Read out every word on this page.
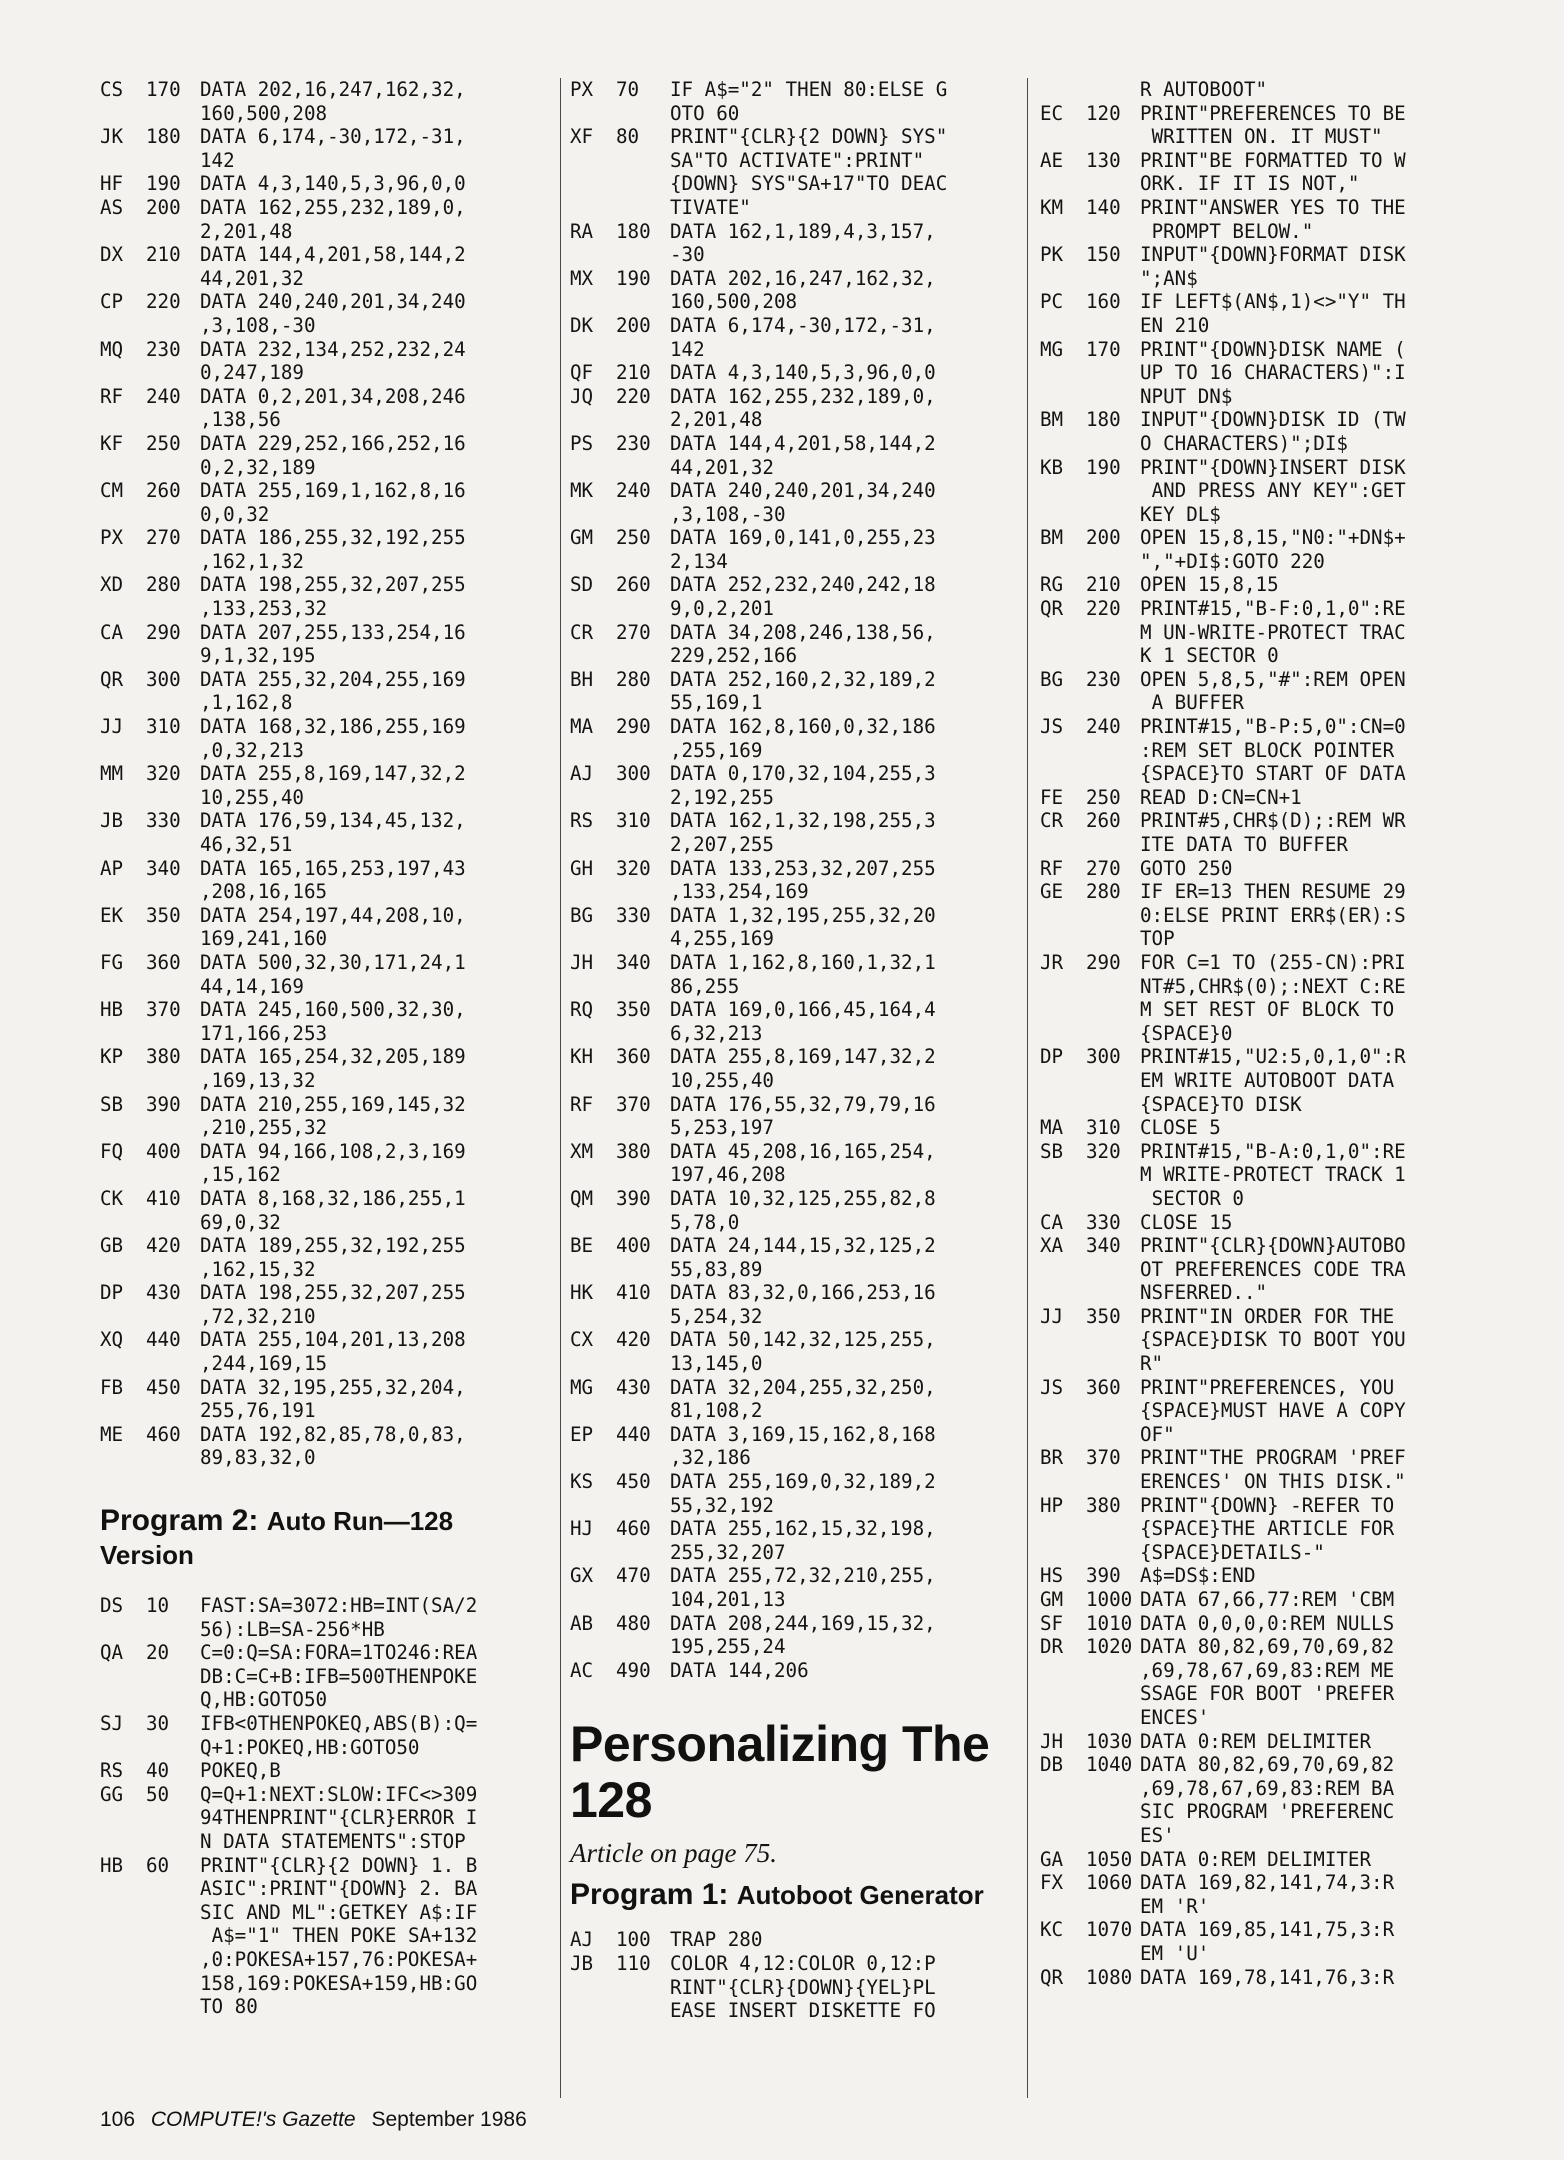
CS 170 DATA 202,16,247,162,32,
160,500,208
JK 180 DATA 6,174,-30,172,-31,
142
HF 190 DATA 4,3,140,5,3,96,0,0
AS 200 DATA 162,255,232,189,0,
2,201,48
DX 210 DATA 144,4,201,58,144,2
44,201,32
CP 220 DATA 240,240,201,34,240
,3,108,-30
MQ 230 DATA 232,134,252,232,24
0,247,189
RF 240 DATA 0,2,201,34,208,246
,138,56
KF 250 DATA 229,252,166,252,16
0,2,32,189
CM 260 DATA 255,169,1,162,8,16
0,0,32
PX 270 DATA 186,255,32,192,255
,162,1,32
XD 280 DATA 198,255,32,207,255
,133,253,32
CA 290 DATA 207,255,133,254,16
9,1,32,195
QR 300 DATA 255,32,204,255,169
,1,162,8
JJ 310 DATA 168,32,186,255,169
,0,32,213
MM 320 DATA 255,8,169,147,32,2
10,255,40
JB 330 DATA 176,59,134,45,132,
46,32,51
AP 340 DATA 165,165,253,197,43
,208,16,165
EK 350 DATA 254,197,44,208,10,
169,241,160
FG 360 DATA 500,32,30,171,24,1
44,14,169
HB 370 DATA 245,160,500,32,30,
171,166,253
KP 380 DATA 165,254,32,205,189
,169,13,32
SB 390 DATA 210,255,169,145,32
,210,255,32
FQ 400 DATA 94,166,108,2,3,169
,15,162
CK 410 DATA 8,168,32,186,255,1
69,0,32
GB 420 DATA 189,255,32,192,255
,162,15,32
DP 430 DATA 198,255,32,207,255
,72,32,210
XQ 440 DATA 255,104,201,13,208
,244,169,15
FB 450 DATA 32,195,255,32,204,
255,76,191
ME 460 DATA 192,82,85,78,0,83,
89,83,32,0
Program 2: Auto Run—128
Version
DS 10 FAST:SA=3072:HB=INT(SA/2
56):LB=SA-256*HB
QA 20 C=0:Q=SA:FORA=1TO246:REA
DB:C=C+B:IFB=500THENPOKE
Q,HB:GOTO50
SJ 30 IFB<0THENPOKEQ,ABS(B):Q=
Q+1:POKEQ,HB:GOTO50
RS 40 POKEQ,B
GG 50 Q=Q+1:NEXT:SLOW:IFC<>309
94THENPRINT"{CLR}ERROR I
N DATA STATEMENTS":STOP
HB 60 PRINT"{CLR}{2 DOWN} 1. B
ASIC":PRINT"{DOWN} 2. BA
SIC AND ML":GETKEY A$:IF
A$="1" THEN POKE SA+132
,0:POKESA+157,76:POKESA+
158,169:POKESA+159,HB:GO
TO 80
PX 70 IF A$="2" THEN 80:ELSE G
OTO 60
XF 80 PRINT"{CLR}{2 DOWN} SYS"
SA"TO ACTIVATE":PRINT"
{DOWN} SYS"SA+17"TO DEAC
TIVATE"
RA 180 DATA 162,1,189,4,3,157,
-30
MX 190 DATA 202,16,247,162,32,
160,500,208
DK 200 DATA 6,174,-30,172,-31,
142
QF 210 DATA 4,3,140,5,3,96,0,0
JQ 220 DATA 162,255,232,189,0,
2,201,48
PS 230 DATA 144,4,201,58,144,2
44,201,32
MK 240 DATA 240,240,201,34,240
,3,108,-30
GM 250 DATA 169,0,141,0,255,23
2,134
SD 260 DATA 252,232,240,242,18
9,0,2,201
CR 270 DATA 34,208,246,138,56,
229,252,166
BH 280 DATA 252,160,2,32,189,2
55,169,1
MA 290 DATA 162,8,160,0,32,186
,255,169
AJ 300 DATA 0,170,32,104,255,3
2,192,255
RS 310 DATA 162,1,32,198,255,3
2,207,255
GH 320 DATA 133,253,32,207,255
,133,254,169
BG 330 DATA 1,32,195,255,32,20
4,255,169
JH 340 DATA 1,162,8,160,1,32,1
86,255
RQ 350 DATA 169,0,166,45,164,4
6,32,213
KH 360 DATA 255,8,169,147,32,2
10,255,40
RF 370 DATA 176,55,32,79,79,16
5,253,197
XM 380 DATA 45,208,16,165,254,
197,46,208
QM 390 DATA 10,32,125,255,82,8
5,78,0
BE 400 DATA 24,144,15,32,125,2
55,83,89
HK 410 DATA 83,32,0,166,253,16
5,254,32
CX 420 DATA 50,142,32,125,255,
13,145,0
MG 430 DATA 32,204,255,32,250,
81,108,2
EP 440 DATA 3,169,15,162,8,168
,32,186
KS 450 DATA 255,169,0,32,189,2
55,32,192
HJ 460 DATA 255,162,15,32,198,
255,32,207
GX 470 DATA 255,72,32,210,255,
104,201,13
AB 480 DATA 208,244,169,15,32,
195,255,24
AC 490 DATA 144,206
Personalizing The
128
Article on page 75.
Program 1: Autoboot Generator
AJ 100 TRAP 280
JB 110 COLOR 4,12:COLOR 0,12:P
RINT"{CLR}{DOWN}{YEL}PL
EASE INSERT DISKETTE FO
R AUTOBOOT"
EC 120 PRINT"PREFERENCES TO BE
WRITTEN ON. IT MUST"
AE 130 PRINT"BE FORMATTED TO W
ORK. IF IT IS NOT,"
KM 140 PRINT"ANSWER YES TO THE
PROMPT BELOW."
PK 150 INPUT"{DOWN}FORMAT DISK
";AN$
PC 160 IF LEFT$(AN$,1)<>"Y" TH
EN 210
MG 170 PRINT"{DOWN}DISK NAME (
UP TO 16 CHARACTERS)":I
NPUT DN$
BM 180 INPUT"{DOWN}DISK ID (TW
O CHARACTERS)";DI$
KB 190 PRINT"{DOWN}INSERT DISK
AND PRESS ANY KEY":GET
KEY DL$
BM 200 OPEN 15,8,15,"N0:"+DN$+
","+DI$:GOTO 220
RG 210 OPEN 15,8,15
QR 220 PRINT#15,"B-F:0,1,0":RE
M UN-WRITE-PROTECT TRAC
K 1 SECTOR 0
BG 230 OPEN 5,8,5,"#":REM OPEN
A BUFFER
JS 240 PRINT#15,"B-P:5,0":CN=0
:REM SET BLOCK POINTER
{SPACE}TO START OF DATA
FE 250 READ D:CN=CN+1
CR 260 PRINT#5,CHR$(D);:REM WR
ITE DATA TO BUFFER
RF 270 GOTO 250
GE 280 IF ER=13 THEN RESUME 29
0:ELSE PRINT ERR$(ER):S
TOP
JR 290 FOR C=1 TO (255-CN):PRI
NT#5,CHR$(0);:NEXT C:RE
M SET REST OF BLOCK TO
{SPACE}0
DP 300 PRINT#15,"U2:5,0,1,0":R
EM WRITE AUTOBOOT DATA
{SPACE}TO DISK
MA 310 CLOSE 5
SB 320 PRINT#15,"B-A:0,1,0":RE
M WRITE-PROTECT TRACK 1
SECTOR 0
CA 330 CLOSE 15
XA 340 PRINT"{CLR}{DOWN}AUTOBO
OT PREFERENCES CODE TRA
NSFERRED.."
JJ 350 PRINT"IN ORDER FOR THE
{SPACE}DISK TO BOOT YOU
R"
JS 360 PRINT"PREFERENCES, YOU
{SPACE}MUST HAVE A COPY
OF"
BR 370 PRINT"THE PROGRAM 'PREF
ERENCES' ON THIS DISK."
HP 380 PRINT"{DOWN} -REFER TO
{SPACE}THE ARTICLE FOR
{SPACE}DETAILS-"
HS 390 A$=DS$:END
GM 1000 DATA 67,66,77:REM 'CBM

SF 1010 DATA 0,0,0,0:REM NULLS
DR 1020 DATA 80,82,69,70,69,82
,69,78,67,69,83:REM ME
SSAGE FOR BOOT 'PREFER
ENCES'
JH 1030 DATA 0:REM DELIMITER
DB 1040 DATA 80,82,69,70,69,82
,69,78,67,69,83:REM BA
SIC PROGRAM 'PREFERENC
ES'
GA 1050 DATA 0:REM DELIMITER
FX 1060 DATA 169,82,141,74,3:R
EM 'R'
KC 1070 DATA 169,85,141,75,3:R
EM 'U'
QR 1080 DATA 169,78,141,76,3:R
106 COMPUTE!'s Gazette September 1986
